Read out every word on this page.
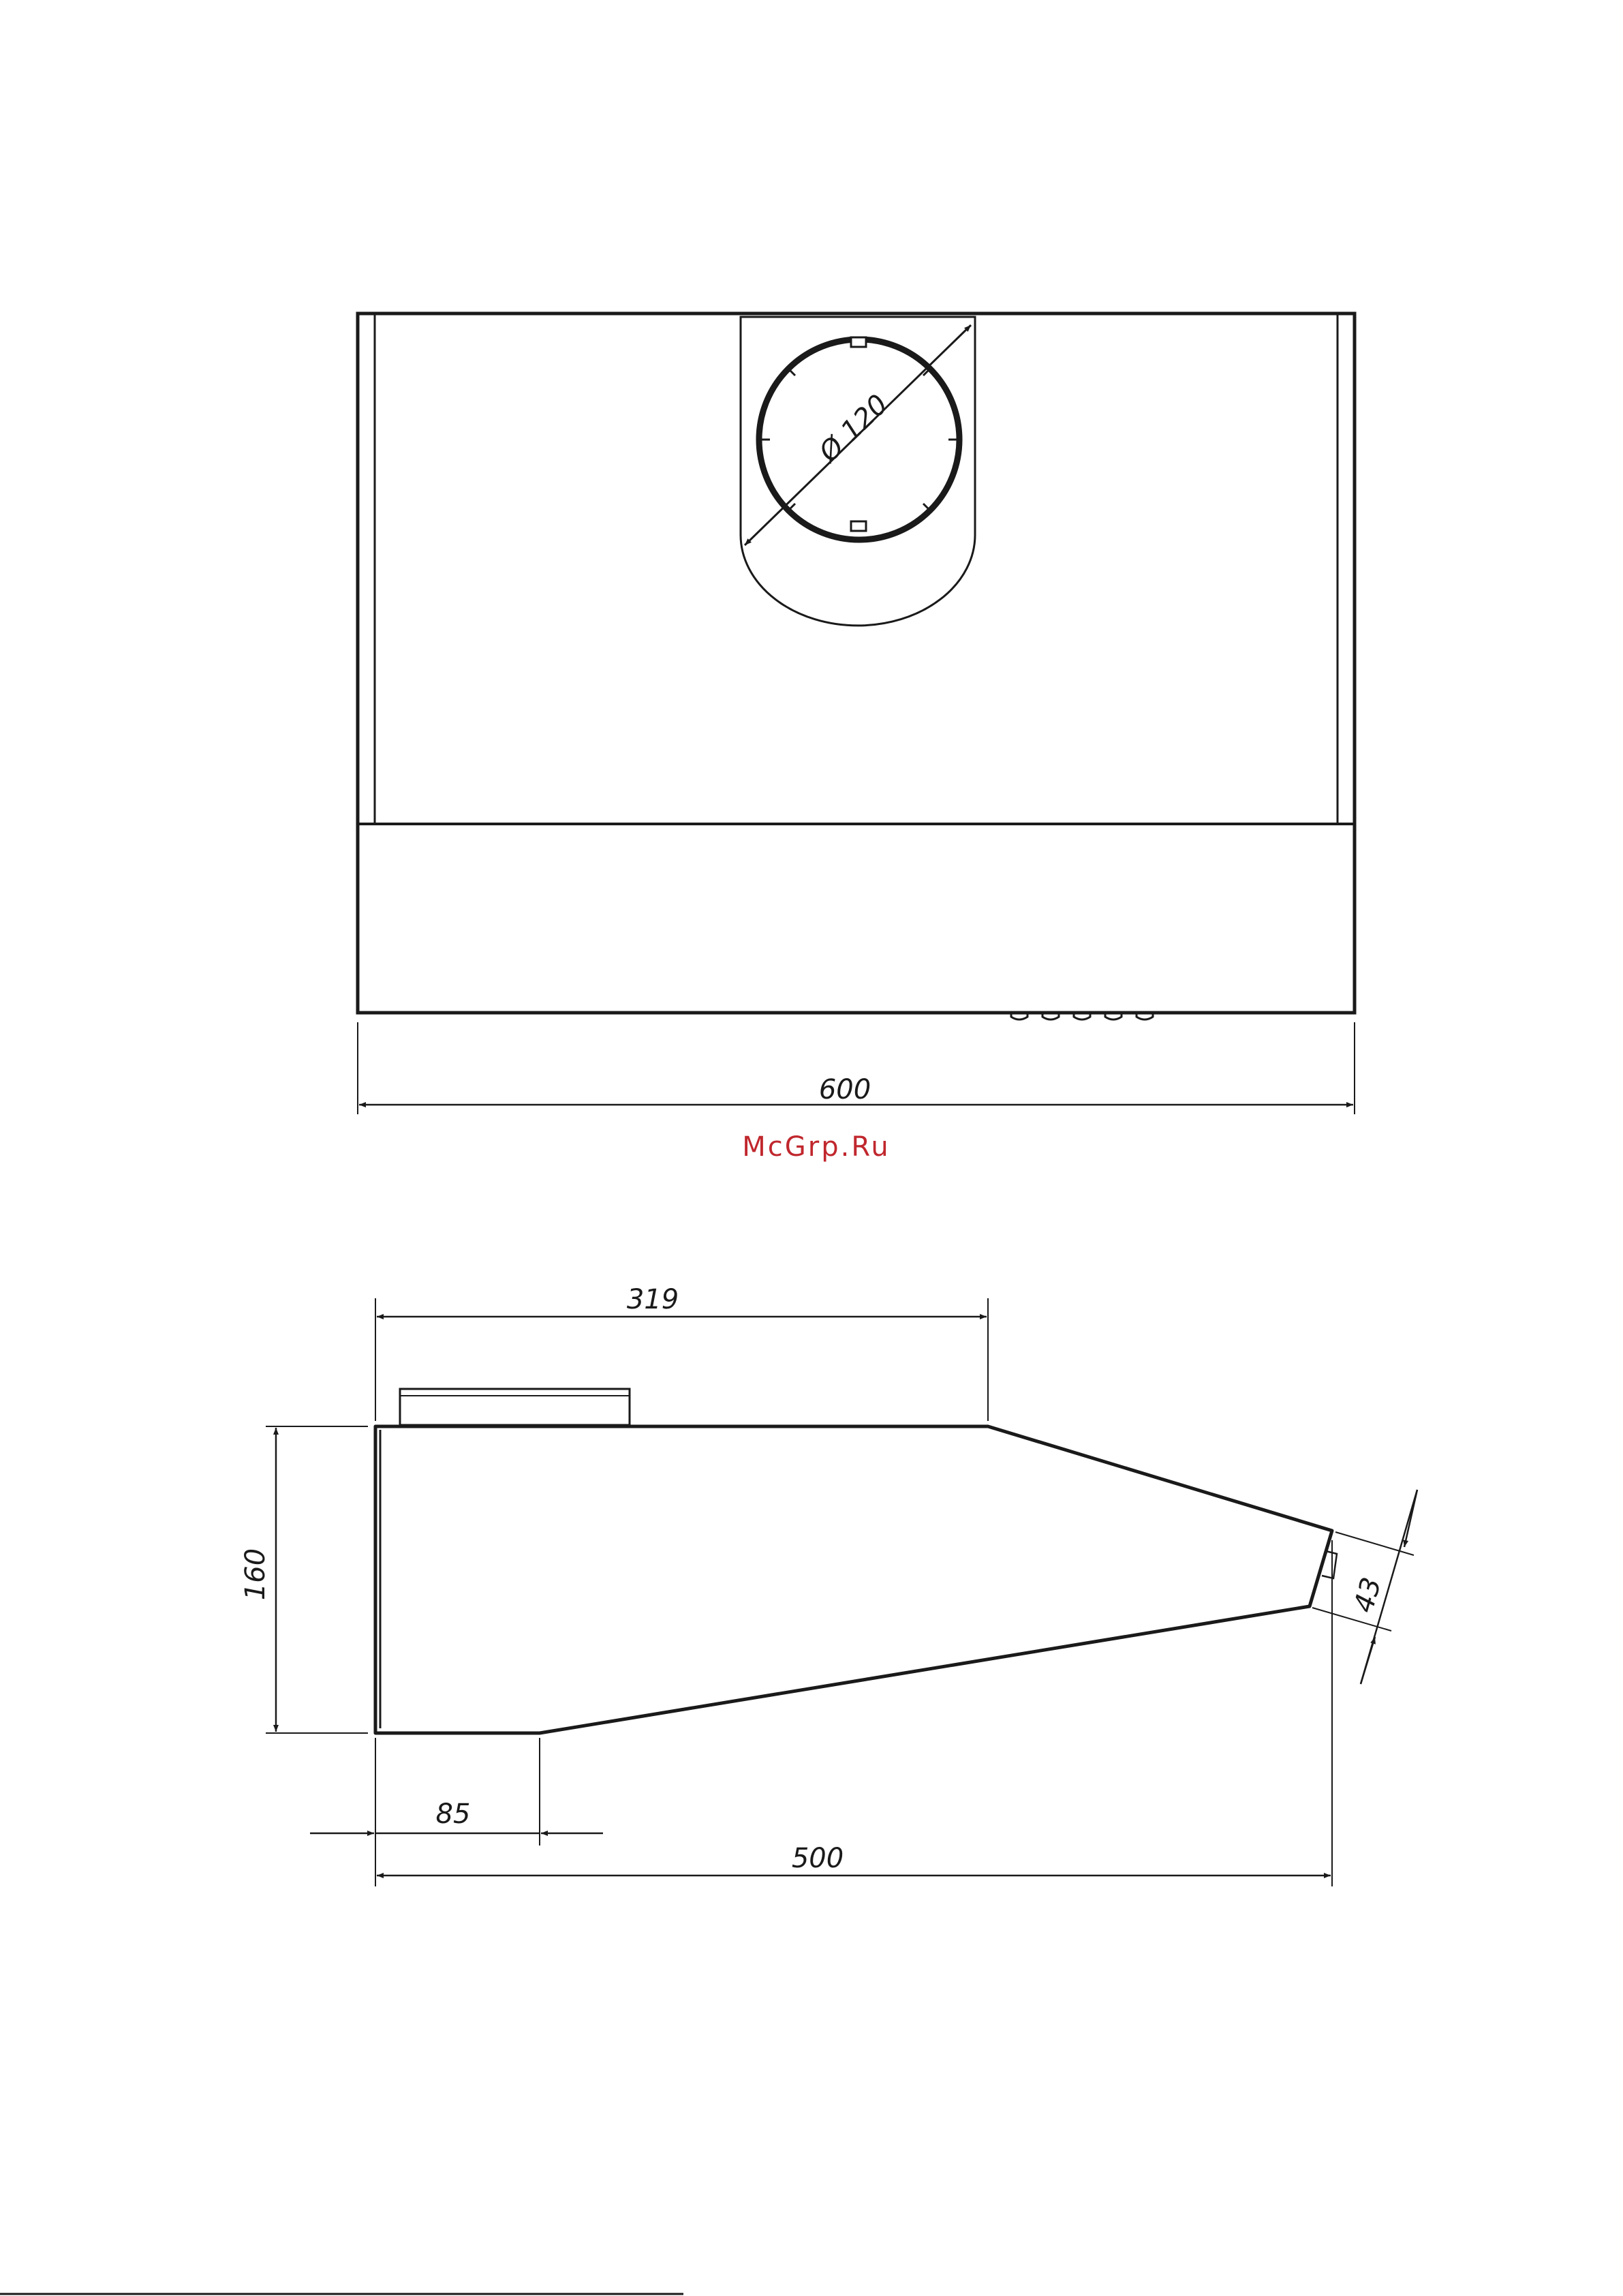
Ø 120
600
McGrp.Ru
319
160	43
85
500
